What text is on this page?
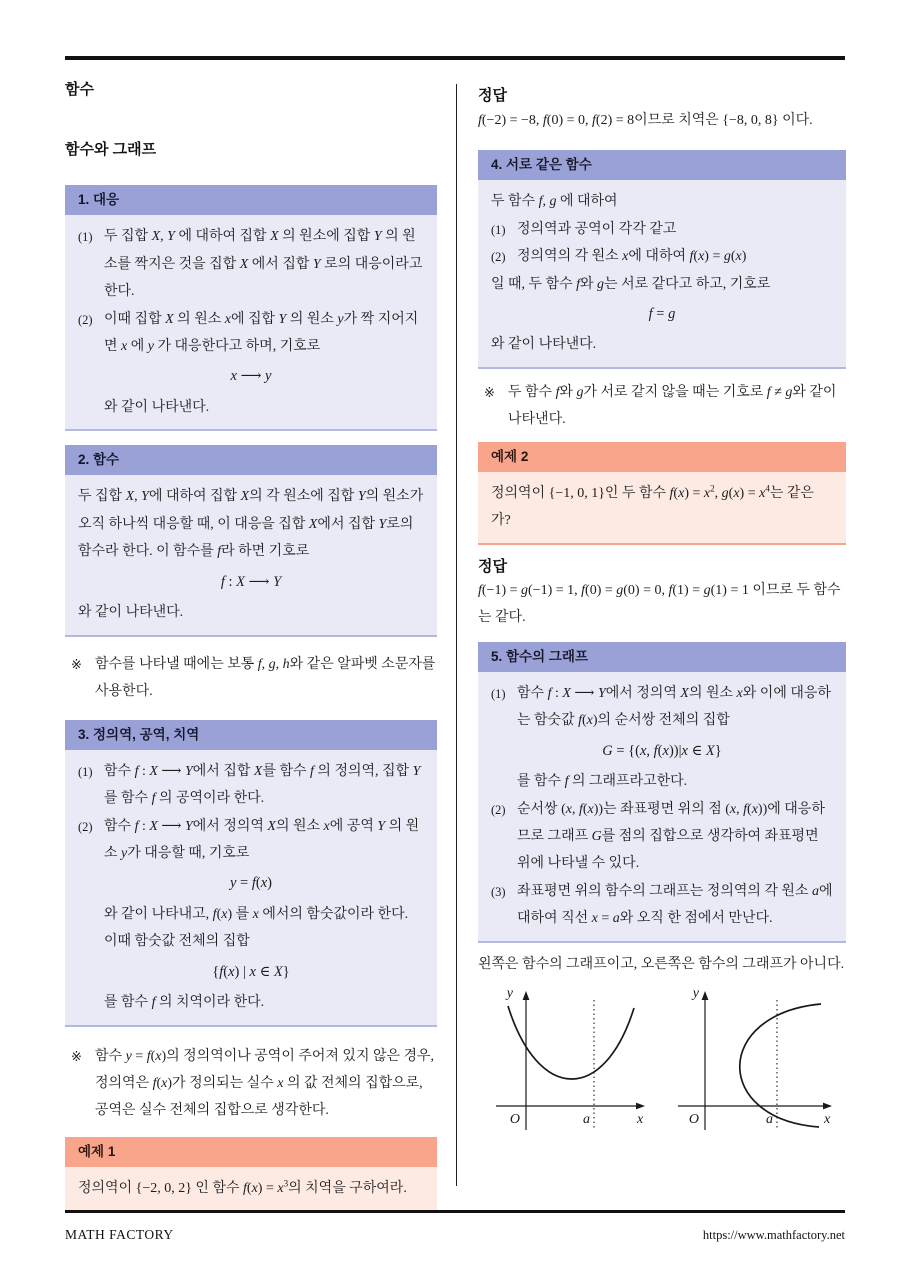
함수
함수와 그래프
1. 대응
(1) 두 집합 X, Y 에 대하여 집합 X 의 원소에 집합 Y 의 원소를 짝지은 것을 집합 X 에서 집합 Y 로의 대응이라고 한다.
(2) 이때 집합 X 의 원소 x에 집합 Y 의 원소 y가 짝 지어지면 x 에 y 가 대응한다고 하며, 기호로
x ⟶ y
와 같이 나타낸다.
2. 함수
두 집합 X, Y에 대하여 집합 X의 각 원소에 집합 Y의 원소가 오직 하나씩 대응할 때, 이 대응을 집합 X에서 집합 Y로의 함수라 한다. 이 함수를 f라 하면 기호로
f : X ⟶ Y
와 같이 나타낸다.
※ 함수를 나타낼 때에는 보통 f, g, h와 같은 알파벳 소문자를 사용한다.
3. 정의역, 공역, 치역
(1) 함수 f : X ⟶ Y에서 집합 X를 함수 f 의 정의역, 집합 Y를 함수 f 의 공역이라 한다.
(2) 함수 f : X ⟶ Y에서 정의역 X의 원소 x에 공역 Y 의 원소 y가 대응할 때, 기호로
y = f(x)
와 같이 나타내고, f(x) 를 x 에서의 함숫값이라 한다. 이때 함숫값 전체의 집합
{f(x) | x ∈ X}
를 함수 f 의 치역이라 한다.
※ 함수 y = f(x)의 정의역이나 공역이 주어져 있지 않은 경우, 정의역은 f(x)가 정의되는 실수 x 의 값 전체의 집합으로, 공역은 실수 전체의 집합으로 생각한다.
예제 1
정의역이 {−2, 0, 2} 인 함수 $f(x) = x^3$의 치역을 구하여라.
정답
f(−2) = −8, f(0) = 0, f(2) = 8이므로 치역은 {−8, 0, 8} 이다.
4. 서로 같은 함수
두 함수 f, g 에 대하여
(1) 정의역과 공역이 각각 같고
(2) 정의역의 각 원소 x에 대하여 f(x) = g(x)
일 때, 두 함수 f와 g는 서로 같다고 하고, 기호로
f = g
와 같이 나타낸다.
※ 두 함수 f와 g가 서로 같지 않을 때는 기호로 f ≠ g와 같이 나타낸다.
예제 2
정의역이 {−1, 0, 1}인 두 함수 $f(x) = x^2$, $g(x) = x^4$는 같은가?
정답
f(−1) = g(−1) = 1, f(0) = g(0) = 0, f(1) = g(1) = 1 이므로 두 함수는 같다.
5. 함수의 그래프
(1) 함수 f : X ⟶ Y에서 정의역 X의 원소 x와 이에 대응하는 함숫값 f(x)의 순서쌍 전체의 집합
G = {(x, f(x))|x ∈ X}
를 함수 f 의 그래프라고한다.
(2) 순서쌍 (x, f(x))는 좌표평면 위의 점 (x, f(x))에 대응하므로 그래프 G를 점의 집합으로 생각하여 좌표평면 위에 나타낼 수 있다.
(3) 좌표평면 위의 함수의 그래프는 정의역의 각 원소 a에 대하여 직선 x = a와 오직 한 점에서 만난다.
왼쪽은 함수의 그래프이고, 오른쪽은 함수의 그래프가 아니다.
y
x
O	a
y
x
O	a
MATH FACTORY	https://www.mathfactory.net
